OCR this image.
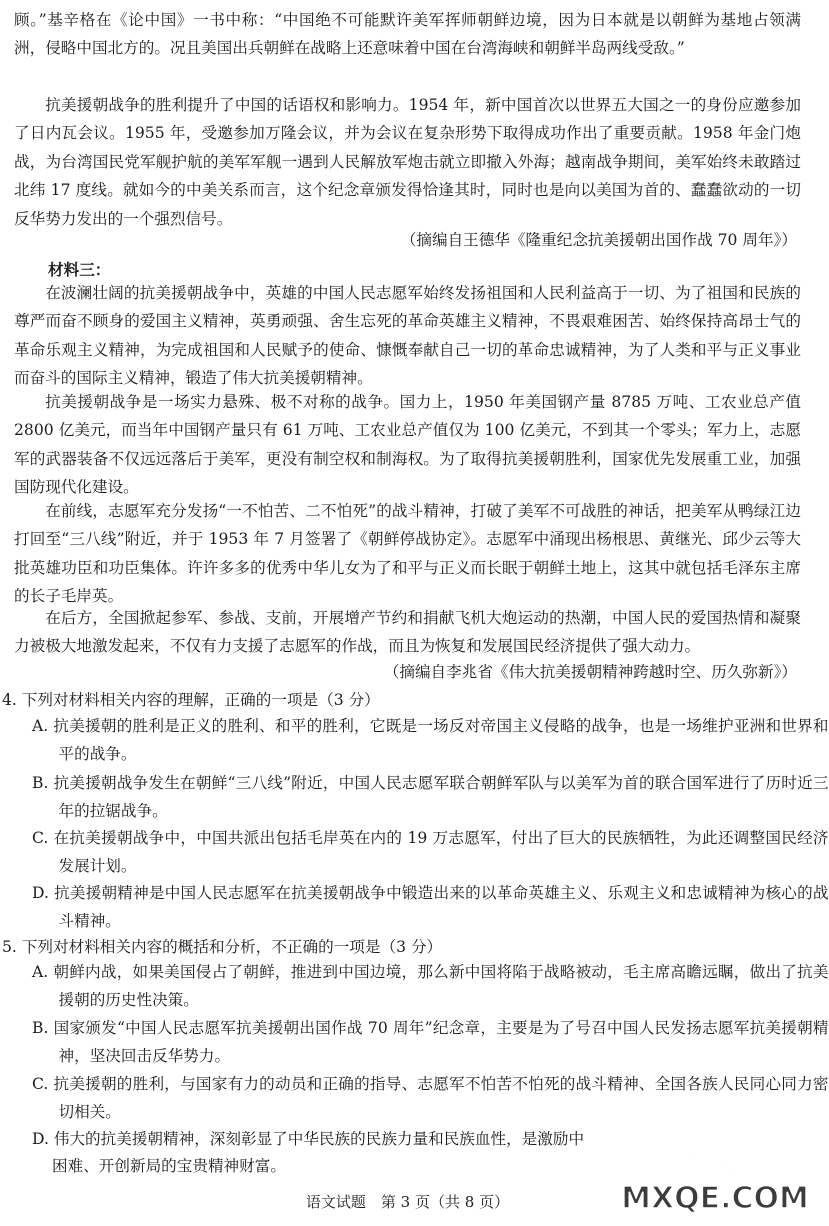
顾。”基辛格在《论中国》一书中称：“中国绝不可能默许美军挥师朝鲜边境，因为日本就是以朝鲜为基地占领满洲，侵略中国北方的。况且美国出兵朝鲜在战略上还意味着中国在台湾海峡和朝鲜半岛两线受敌。”

抗美援朝战争的胜利提升了中国的话语权和影响力。1954 年，新中国首次以世界五大国之一的身份应邀参加了日内瓦会议。1955 年，受邀参加万隆会议，并为会议在复杂形势下取得成功作出了重要贡献。1958 年金门炮战，为台湾国民党军舰护航的美军军舰一遇到人民解放军炮击就立即撤入外海；越南战争期间，美军始终未敢踏过北纬 17 度线。就如今的中美关系而言，这个纪念章颁发得恰逢其时，同时也是向以美国为首的、蠢蠢欲动的一切反华势力发出的一个强烈信号。

（摘编自王德华《隆重纪念抗美援朝出国作战 70 周年》）

材料三：

在波澜壮阔的抗美援朝战争中，英雄的中国人民志愿军始终发扬祖国和人民利益高于一切、为了祖国和民族的尊严而奋不顾身的爱国主义精神，英勇顽强、舍生忘死的革命英雄主义精神，不畏艰难困苦、始终保持高昂士气的革命乐观主义精神，为完成祖国和人民赋予的使命、慷慨奉献自己一切的革命忠诚精神，为了人类和平与正义事业而奋斗的国际主义精神，锻造了伟大抗美援朝精神。

抗美援朝战争是一场实力悬殊、极不对称的战争。国力上，1950 年美国钢产量 8785 万吨、工农业总产值 2800 亿美元，而当年中国钢产量只有 61 万吨、工农业总产值仅为 100 亿美元，不到其一个零头；军力上，志愿军的武器装备不仅远远落后于美军，更没有制空权和制海权。为了取得抗美援朝胜利，国家优先发展重工业，加强国防现代化建设。

在前线，志愿军充分发扬“一不怕苦、二不怕死”的战斗精神，打破了美军不可战胜的神话，把美军从鸭绿江边打回至“三八线”附近，并于 1953 年 7 月签署了《朝鲜停战协定》。志愿军中涌现出杨根思、黄继光、邱少云等大批英雄功臣和功臣集体。许许多多的优秀中华儿女为了和平与正义而长眠于朝鲜土地上，这其中就包括毛泽东主席的长子毛岸英。

在后方，全国掀起参军、参战、支前，开展增产节约和捐献飞机大炮运动的热潮，中国人民的爱国热情和凝聚力被极大地激发起来，不仅有力支援了志愿军的作战，而且为恢复和发展国民经济提供了强大动力。

（摘编自李兆省《伟大抗美援朝精神跨越时空、历久弥新》）

4. 下列对材料相关内容的理解，正确的一项是（3 分）

A. 抗美援朝的胜利是正义的胜利、和平的胜利，它既是一场反对帝国主义侵略的战争，也是一场维护亚洲和世界和平的战争。

B. 抗美援朝战争发生在朝鲜“三八线”附近，中国人民志愿军联合朝鲜军队与以美军为首的联合国军进行了历时近三年的拉锯战争。

C. 在抗美援朝战争中，中国共派出包括毛岸英在内的 19 万志愿军，付出了巨大的民族牺牲，为此还调整国民经济发展计划。

D. 抗美援朝精神是中国人民志愿军在抗美援朝战争中锻造出来的以革命英雄主义、乐观主义和忠诚精神为核心的战斗精神。

5. 下列对材料相关内容的概括和分析，不正确的一项是（3 分）

A. 朝鲜内战，如果美国侵占了朝鲜，推进到中国边境，那么新中国将陷于战略被动，毛主席高瞻远瞩，做出了抗美援朝的历史性决策。

B. 国家颁发“中国人民志愿军抗美援朝出国作战 70 周年”纪念章，主要是为了号召中国人民发扬志愿军抗美援朝精神，坚决回击反华势力。

C. 抗美援朝的胜利，与国家有力的动员和正确的指导、志愿军不怕苦不怕死的战斗精神、全国各族人民同心同力密切相关。

D. 伟大的抗美援朝精神，深刻彰显了中华民族的民族力量和民族血性，是激励中

困难、开创新局的宝贵精神财富。

语文试题　第 3 页（共 8 页）
答案圈
MXQE.COM
